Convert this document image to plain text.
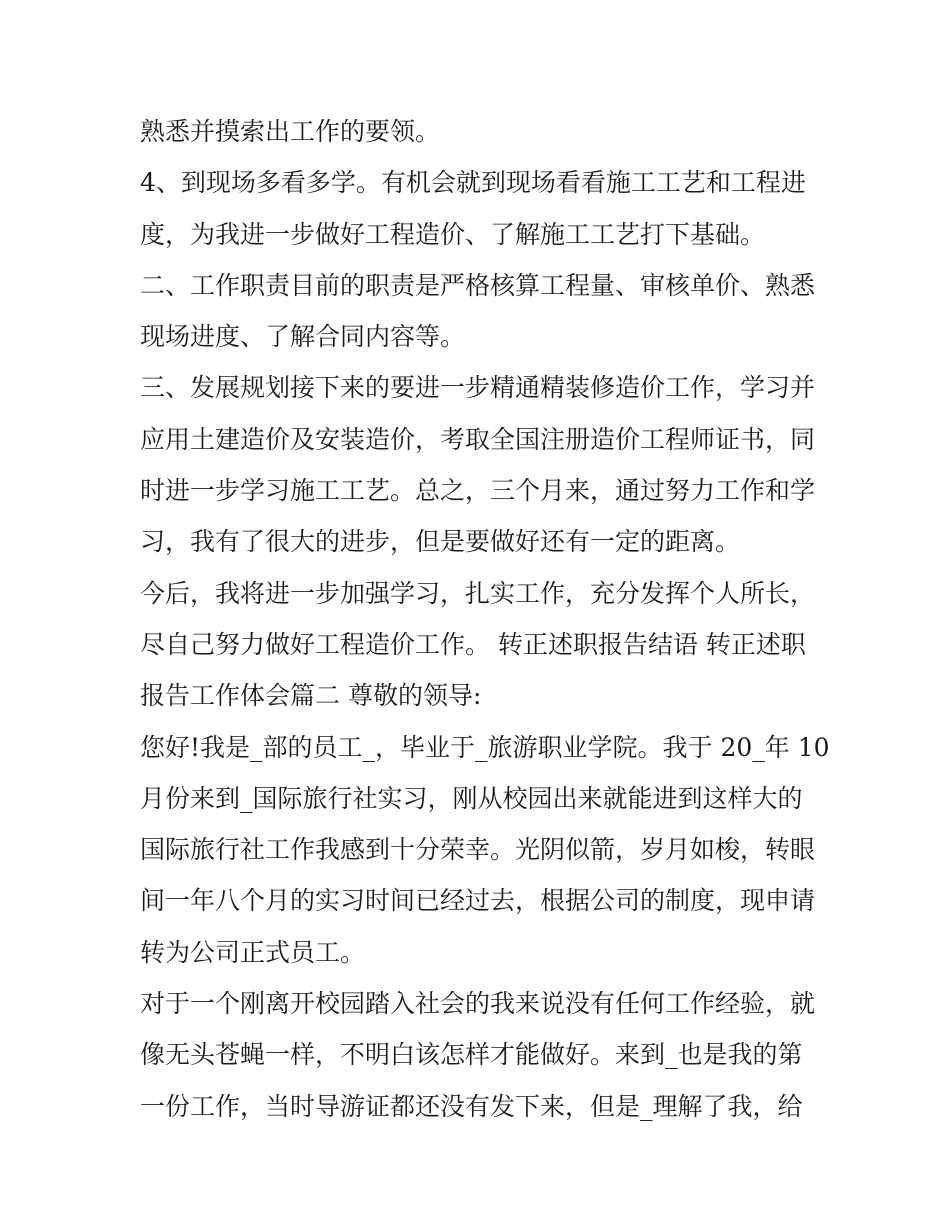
熟悉并摸索出工作的要领。
4、到现场多看多学。有机会就到现场看看施工工艺和工程进
度，为我进一步做好工程造价、了解施工工艺打下基础。
二、工作职责目前的职责是严格核算工程量、审核单价、熟悉
现场进度、了解合同内容等。
三、发展规划接下来的要进一步精通精装修造价工作，学习并
应用土建造价及安装造价，考取全国注册造价工程师证书，同
时进一步学习施工工艺。总之，三个月来，通过努力工作和学
习，我有了很大的进步，但是要做好还有一定的距离。
今后，我将进一步加强学习，扎实工作，充分发挥个人所长，
尽自己努力做好工程造价工作。 转正述职报告结语 转正述职
报告工作体会篇二 尊敬的领导:
您好!我是_部的员工_，毕业于_旅游职业学院。我于 20_年 10
月份来到_国际旅行社实习，刚从校园出来就能进到这样大的
国际旅行社工作我感到十分荣幸。光阴似箭，岁月如梭，转眼
间一年八个月的实习时间已经过去，根据公司的制度，现申请
转为公司正式员工。
对于一个刚离开校园踏入社会的我来说没有任何工作经验，就
像无头苍蝇一样，不明白该怎样才能做好。来到_也是我的第
一份工作，当时导游证都还没有发下来，但是_理解了我，给
